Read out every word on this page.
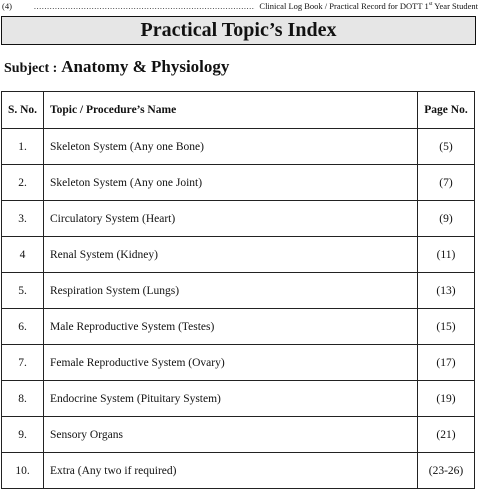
(4) .....	Clinical Log Book / Practical Record for DOTT 1st Year Student
Practical Topic’s Index
Subject : Anatomy & Physiology
S. No.	Topic / Procedure’s Name	Page No.
1.	Skeleton System (Any one Bone)	(5)
2.	Skeleton System (Any one Joint)	(7)
3.	Circulatory System (Heart)	(9)
4	Renal System (Kidney)	(11)
5.	Respiration System (Lungs)	(13)
6.	Male Reproductive System (Testes)	(15)
7.	Female Reproductive System (Ovary)	(17)
8.	Endocrine System (Pituitary System)	(19)
9.	Sensory Organs	(21)
10.	Extra (Any two if required)	(23-26)
